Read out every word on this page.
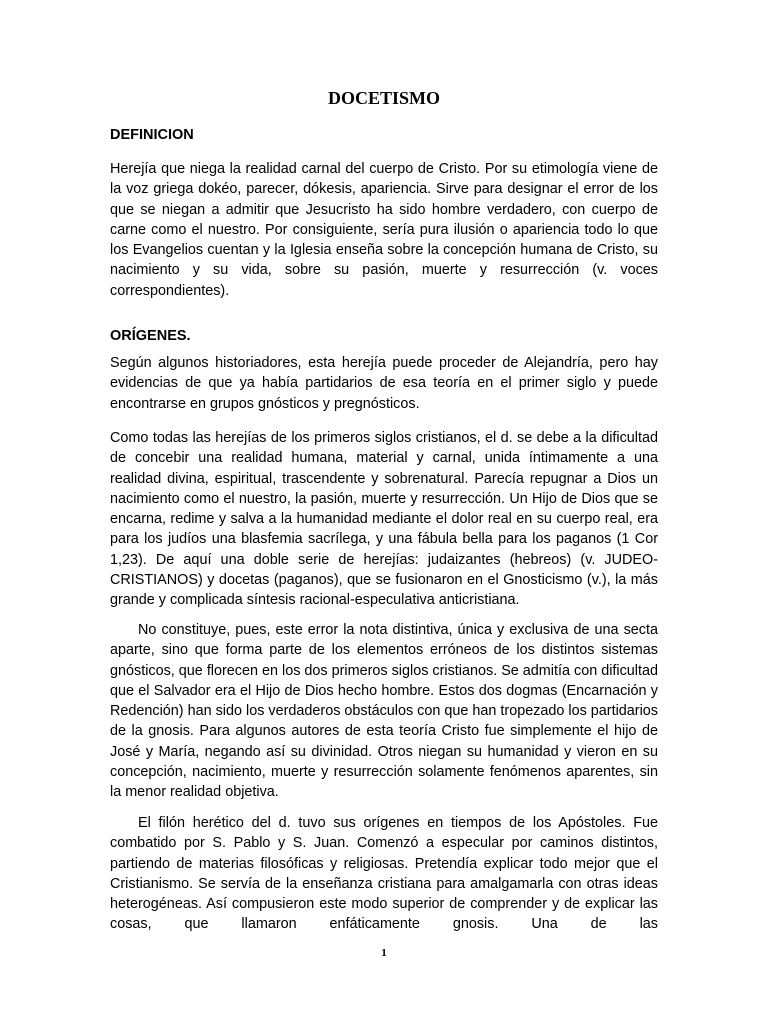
DOCETISMO
DEFINICION

Herejía que niega la realidad carnal del cuerpo de Cristo. Por su etimología viene de la voz griega dokéo, parecer, dókesis, apariencia. Sirve para designar el error de los que se niegan a admitir que Jesucristo ha sido hombre verdadero, con cuerpo de carne como el nuestro. Por consiguiente, sería pura ilusión o apariencia todo lo que los Evangelios cuentan y la Iglesia enseña sobre la concepción humana de Cristo, su nacimiento y su vida, sobre su pasión, muerte y resurrección (v. voces correspondientes).

ORÍGENES.

Según algunos historiadores, esta herejía puede proceder de Alejandría, pero hay evidencias de que ya había partidarios de esa teoría en el primer siglo y puede encontrarse en grupos gnósticos y pregnósticos.

Como todas las herejías de los primeros siglos cristianos, el d. se debe a la dificultad de concebir una realidad humana, material y carnal, unida íntimamente a una realidad divina, espiritual, trascendente y sobrenatural. Parecía repugnar a Dios un nacimiento como el nuestro, la pasión, muerte y resurrección. Un Hijo de Dios que se encarna, redime y salva a la humanidad mediante el dolor real en su cuerpo real, era para los judíos una blasfemia sacrílega, y una fábula bella para los paganos (1 Cor 1,23). De aquí una doble serie de herejías: judaizantes (hebreos) (v. JUDEO-CRISTIANOS) y docetas (paganos), que se fusionaron en el Gnosticismo (v.), la más grande y complicada síntesis racional-especulativa anticristiana.

No constituye, pues, este error la nota distintiva, única y exclusiva de una secta aparte, sino que forma parte de los elementos erróneos de los distintos sistemas gnósticos, que florecen en los dos primeros siglos cristianos. Se admitía con dificultad que el Salvador era el Hijo de Dios hecho hombre. Estos dos dogmas (Encarnación y Redención) han sido los verdaderos obstáculos con que han tropezado los partidarios de la gnosis. Para algunos autores de esta teoría Cristo fue simplemente el hijo de José y María, negando así su divinidad. Otros niegan su humanidad y vieron en su concepción, nacimiento, muerte y resurrección solamente fenómenos aparentes, sin la menor realidad objetiva.

El filón herético del d. tuvo sus orígenes en tiempos de los Apóstoles. Fue combatido por S. Pablo y S. Juan. Comenzó a especular por caminos distintos, partiendo de materias filosóficas y religiosas. Pretendía explicar todo mejor que el Cristianismo. Se servía de la enseñanza cristiana para amalgamarla con otras ideas heterogéneas. Así compusieron este modo superior de comprender y de explicar las cosas, que llamaron enfáticamente gnosis. Una de las

1
